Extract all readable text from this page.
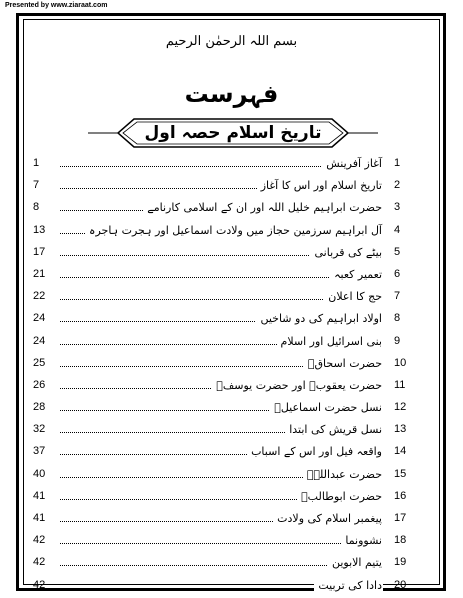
Presented by www.ziaraat.com
بسم اللہ الرحمٰن الرحیم
فہرست
تاریخ اسلام حصہ اول
1
آغاز آفرینش
1
2
تاریخ اسلام اور اس کا آغاز
7
3
حضرت ابراہیم خلیل اللہ اور ان کے اسلامی کارنامے
8
4
آل ابراہیم سرزمین حجاز میں ولادت اسماعیل اور ہجرت ہاجرہ
13
5
بیٹے کی قربانی
17
6
تعمیر کعبہ
21
7
حج کا اعلان
22
8
اولاد ابراہیم کی دو شاخیں
24
9
بنی اسرائیل اور اسلام
24
10
حضرت اسحاقؑ
25
11
حضرت یعقوبؑ اور حضرت یوسفؑ
26
12
نسل حضرت اسماعیلؑ
28
13
نسل قریش کی ابتدا
32
14
واقعہ فیل اور اس کے اسباب
37
15
حضرت عبداللہؑ
40
16
حضرت ابوطالبؑ
41
17
پیغمبر اسلام کی ولادت
41
18
نشوونما
42
19
یتیم الابوین
42
20
دادا کی تربیت
42
